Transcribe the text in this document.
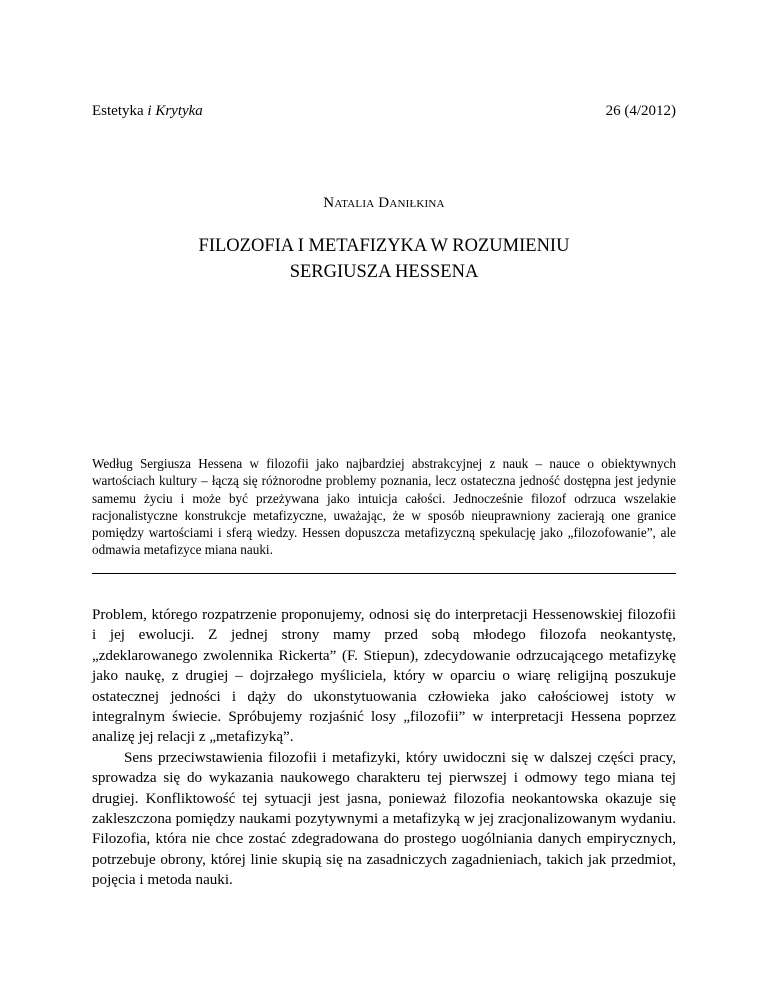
Estetyka i Krytyka	26 (4/2012)
Natalia Daniłkina
FILOZOFIA I METAFIZYKA W ROZUMIENIU
SERGIUSZA HESSENA
Według Sergiusza Hessena w filozofii jako najbardziej abstrakcyjnej z nauk – nauce o obiektywnych wartościach kultury – łączą się różnorodne problemy poznania, lecz ostateczna jedność dostępna jest jedynie samemu życiu i może być przeżywana jako intuicja całości. Jednocześnie filozof odrzuca wszelakie racjonalistyczne konstrukcje metafizyczne, uważając, że w sposób nieuprawniony zacierają one granice pomiędzy wartościami i sferą wiedzy. Hessen dopuszcza metafizyczną spekulację jako „filozofowanie”, ale odmawia metafizyce miana nauki.

Problem, którego rozpatrzenie proponujemy, odnosi się do interpretacji Hessenowskiej filozofii i jej ewolucji. Z jednej strony mamy przed sobą młodego filozofa neokantystę, „zdeklarowanego zwolennika Rickerta” (F. Stiepun), zdecydowanie odrzucającego metafizykę jako naukę, z drugiej – dojrzałego myśliciela, który w oparciu o wiarę religijną poszukuje ostatecznej jedności i dąży do ukonstytuowania człowieka jako całościowej istoty w integralnym świecie. Spróbujemy rozjaśnić losy „filozofii” w interpretacji Hessena poprzez analizę jej relacji z „metafizyką”.

Sens przeciwstawienia filozofii i metafizyki, który uwidoczni się w dalszej części pracy, sprowadza się do wykazania naukowego charakteru tej pierwszej i odmowy tego miana tej drugiej. Konfliktowość tej sytuacji jest jasna, ponieważ filozofia neokantowska okazuje się zakleszczona pomiędzy naukami pozytywnymi a metafizyką w jej zracjonalizowanym wydaniu. Filozofia, która nie chce zostać zdegradowana do prostego uogólniania danych empirycznych, potrzebuje obrony, której linie skupią się na zasadniczych zagadnieniach, takich jak przedmiot, pojęcia i metoda nauki.
